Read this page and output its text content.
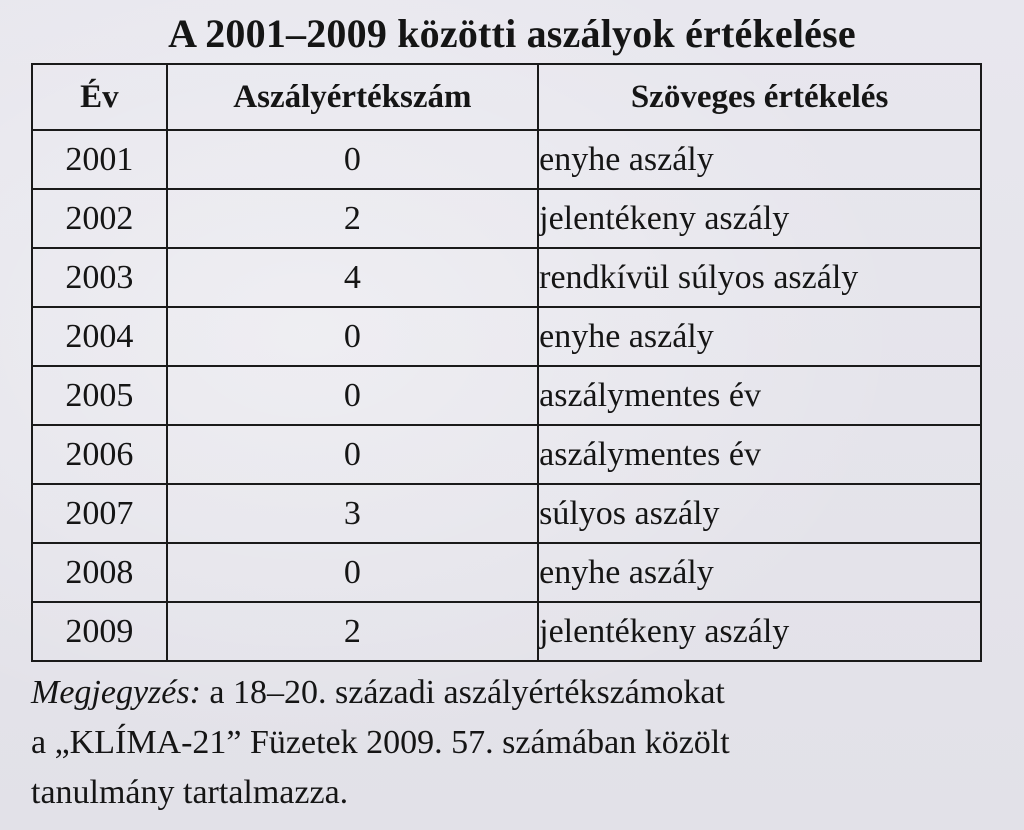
A 2001–2009 közötti aszályok értékelése
Év	Aszályértékszám	Szöveges értékelés
2001	0	enyhe aszály
2002	2	jelentékeny aszály
2003	4	rendkívül súlyos aszály
2004	0	enyhe aszály
2005	0	aszálymentes év
2006	0	aszálymentes év
2007	3	súlyos aszály
2008	0	enyhe aszály
2009	2	jelentékeny aszály
Megjegyzés: a 18–20. századi aszályértékszámokat
a „KLÍMA-21” Füzetek 2009. 57. számában közölt
tanulmány tartalmazza.
